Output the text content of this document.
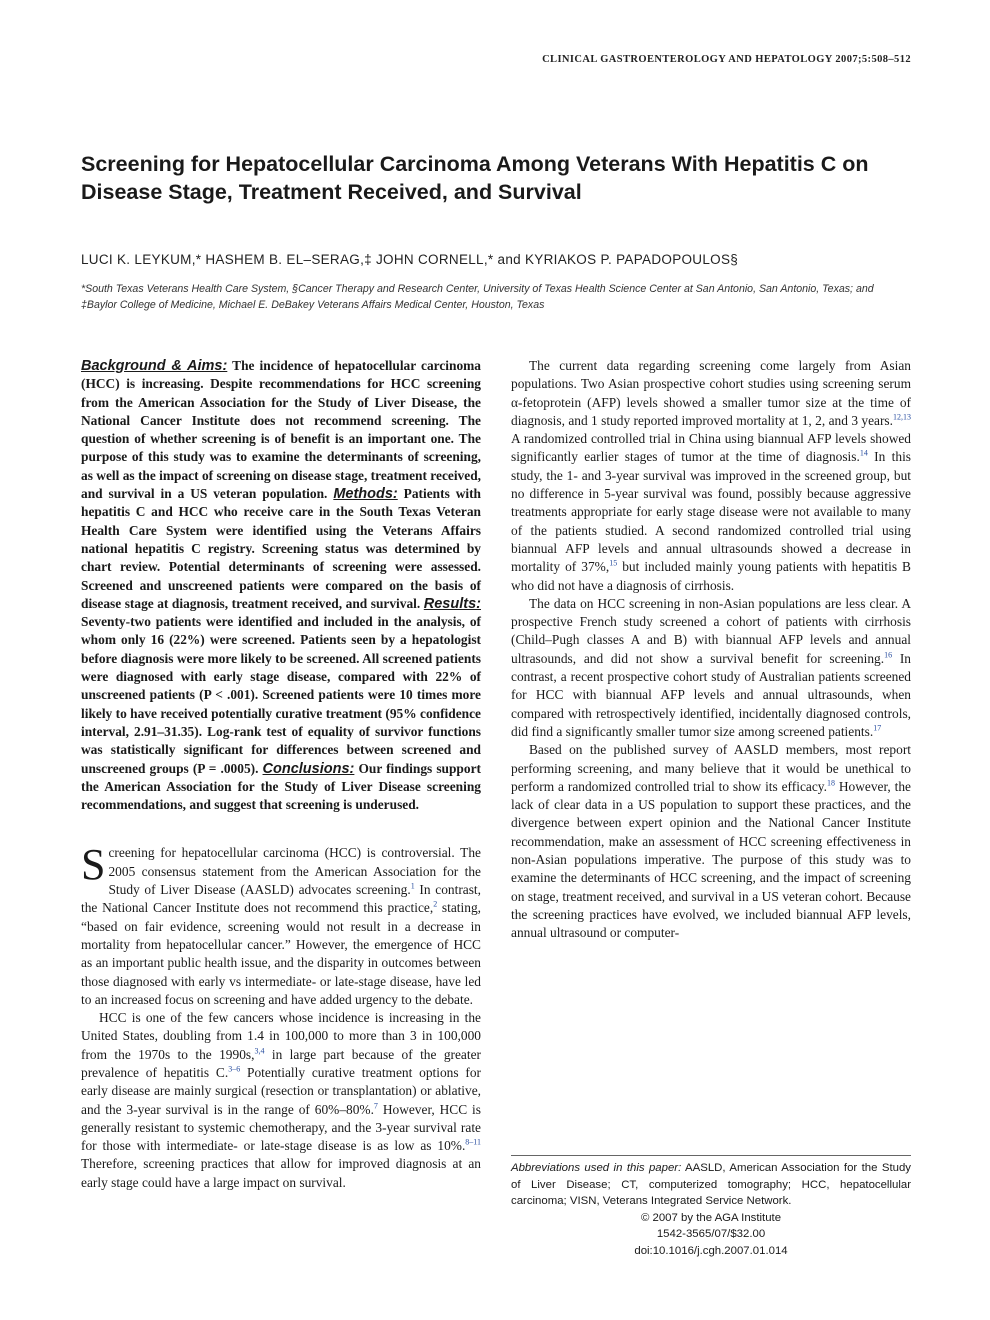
CLINICAL GASTROENTEROLOGY AND HEPATOLOGY 2007;5:508–512
Screening for Hepatocellular Carcinoma Among Veterans With Hepatitis C on Disease Stage, Treatment Received, and Survival
LUCI K. LEYKUM,* HASHEM B. EL–SERAG,‡ JOHN CORNELL,* and KYRIAKOS P. PAPADOPOULOS§
*South Texas Veterans Health Care System, §Cancer Therapy and Research Center, University of Texas Health Science Center at San Antonio, San Antonio, Texas; and ‡Baylor College of Medicine, Michael E. DeBakey Veterans Affairs Medical Center, Houston, Texas
Background & Aims: The incidence of hepatocellular carcinoma (HCC) is increasing. Despite recommendations for HCC screening from the American Association for the Study of Liver Disease, the National Cancer Institute does not recommend screening. The question of whether screening is of benefit is an important one. The purpose of this study was to examine the determinants of screening, as well as the impact of screening on disease stage, treatment received, and survival in a US veteran population. Methods: Patients with hepatitis C and HCC who receive care in the South Texas Veteran Health Care System were identified using the Veterans Affairs national hepatitis C registry. Screening status was determined by chart review. Potential determinants of screening were assessed. Screened and unscreened patients were compared on the basis of disease stage at diagnosis, treatment received, and survival. Results: Seventy-two patients were identified and included in the analysis, of whom only 16 (22%) were screened. Patients seen by a hepatologist before diagnosis were more likely to be screened. All screened patients were diagnosed with early stage disease, compared with 22% of unscreened patients (P < .001). Screened patients were 10 times more likely to have received potentially curative treatment (95% confidence interval, 2.91–31.35). Log-rank test of equality of survivor functions was statistically significant for differences between screened and unscreened groups (P = .0005). Conclusions: Our findings support the American Association for the Study of Liver Disease screening recommendations, and suggest that screening is underused.

Screening for hepatocellular carcinoma (HCC) is controversial. The 2005 consensus statement from the American Association for the Study of Liver Disease (AASLD) advocates screening.$^1$ In contrast, the National Cancer Institute does not recommend this practice,$^2$ stating, “based on fair evidence, screening would not result in a decrease in mortality from hepatocellular cancer.” However, the emergence of HCC as an important public health issue, and the disparity in outcomes between those diagnosed with early vs intermediate- or late-stage disease, have led to an increased focus on screening and have added urgency to the debate.

HCC is one of the few cancers whose incidence is increasing in the United States, doubling from 1.4 in 100,000 to more than 3 in 100,000 from the 1970s to the 1990s,$^{3,4}$ in large part because of the greater prevalence of hepatitis C.$^{3-6}$ Potentially curative treatment options for early disease are mainly surgical (resection or transplantation) or ablative, and the 3-year survival is in the range of 60%–80%.$^7$ However, HCC is generally resistant to systemic chemotherapy, and the 3-year survival rate for those with intermediate- or late-stage disease is as low as 10%.$^{8-11}$ Therefore, screening practices that allow for improved diagnosis at an early stage could have a large impact on survival.

The current data regarding screening come largely from Asian populations. Two Asian prospective cohort studies using screening serum α-fetoprotein (AFP) levels showed a smaller tumor size at the time of diagnosis, and 1 study reported improved mortality at 1, 2, and 3 years.$^{12,13}$ A randomized controlled trial in China using biannual AFP levels showed significantly earlier stages of tumor at the time of diagnosis.$^{14}$ In this study, the 1- and 3-year survival was improved in the screened group, but no difference in 5-year survival was found, possibly because aggressive treatments appropriate for early stage disease were not available to many of the patients studied. A second randomized controlled trial using biannual AFP levels and annual ultrasounds showed a decrease in mortality of 37%,$^{15}$ but included mainly young patients with hepatitis B who did not have a diagnosis of cirrhosis.

The data on HCC screening in non-Asian populations are less clear. A prospective French study screened a cohort of patients with cirrhosis (Child–Pugh classes A and B) with biannual AFP levels and annual ultrasounds, and did not show a survival benefit for screening.$^{16}$ In contrast, a recent prospective cohort study of Australian patients screened for HCC with biannual AFP levels and annual ultrasounds, when compared with retrospectively identified, incidentally diagnosed controls, did find a significantly smaller tumor size among screened patients.$^{17}$

Based on the published survey of AASLD members, most report performing screening, and many believe that it would be unethical to perform a randomized controlled trial to show its efficacy.$^{18}$ However, the lack of clear data in a US population to support these practices, and the divergence between expert opinion and the National Cancer Institute recommendation, make an assessment of HCC screening effectiveness in non-Asian populations imperative. The purpose of this study was to examine the determinants of HCC screening, and the impact of screening on stage, treatment received, and survival in a US veteran cohort. Because the screening practices have evolved, we included biannual AFP levels, annual ultrasound or computer-

Abbreviations used in this paper: AASLD, American Association for the Study of Liver Disease; CT, computerized tomography; HCC, hepatocellular carcinoma; VISN, Veterans Integrated Service Network.
© 2007 by the AGA Institute
1542-3565/07/$32.00
doi:10.1016/j.cgh.2007.01.014
